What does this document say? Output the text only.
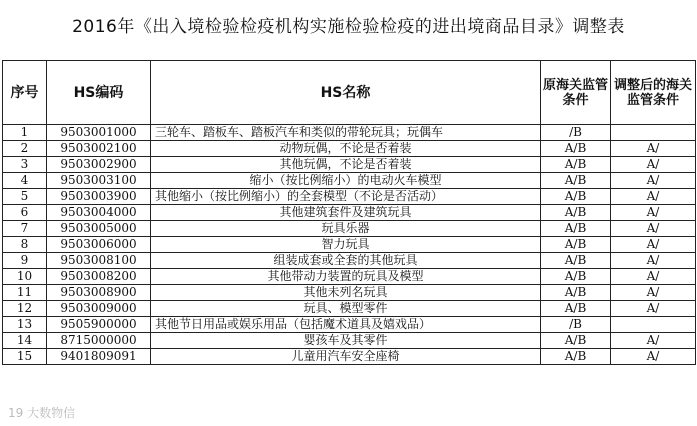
2016年《出入境检验检疫机构实施检验检疫的进出境商品目录》调整表
序号	HS编码	HS名称	原海关监管条件	调整后的海关监管条件
1	9503001000	三轮车、踏板车、踏板汽车和类似的带轮玩具；玩偶车	/B	
2	9503002100	动物玩偶，不论是否着装	A/B	A/
3	9503002900	其他玩偶，不论是否着装	A/B	A/
4	9503003100	缩小（按比例缩小）的电动火车模型	A/B	A/
5	9503003900	其他缩小（按比例缩小）的全套模型（不论是否活动）	A/B	A/
6	9503004000	其他建筑套件及建筑玩具	A/B	A/
7	9503005000	玩具乐器	A/B	A/
8	9503006000	智力玩具	A/B	A/
9	9503008100	组装成套或全套的其他玩具	A/B	A/
10	9503008200	其他带动力装置的玩具及模型	A/B	A/
11	9503008900	其他未列名玩具	A/B	A/
12	9503009000	玩具、模型零件	A/B	A/
13	9505900000	其他节日用品或娱乐用品（包括魔术道具及嬉戏品）	/B	
14	8715000000	婴孩车及其零件	A/B	A/
15	9401809091	儿童用汽车安全座椅	A/B	A/
19 大数物信
